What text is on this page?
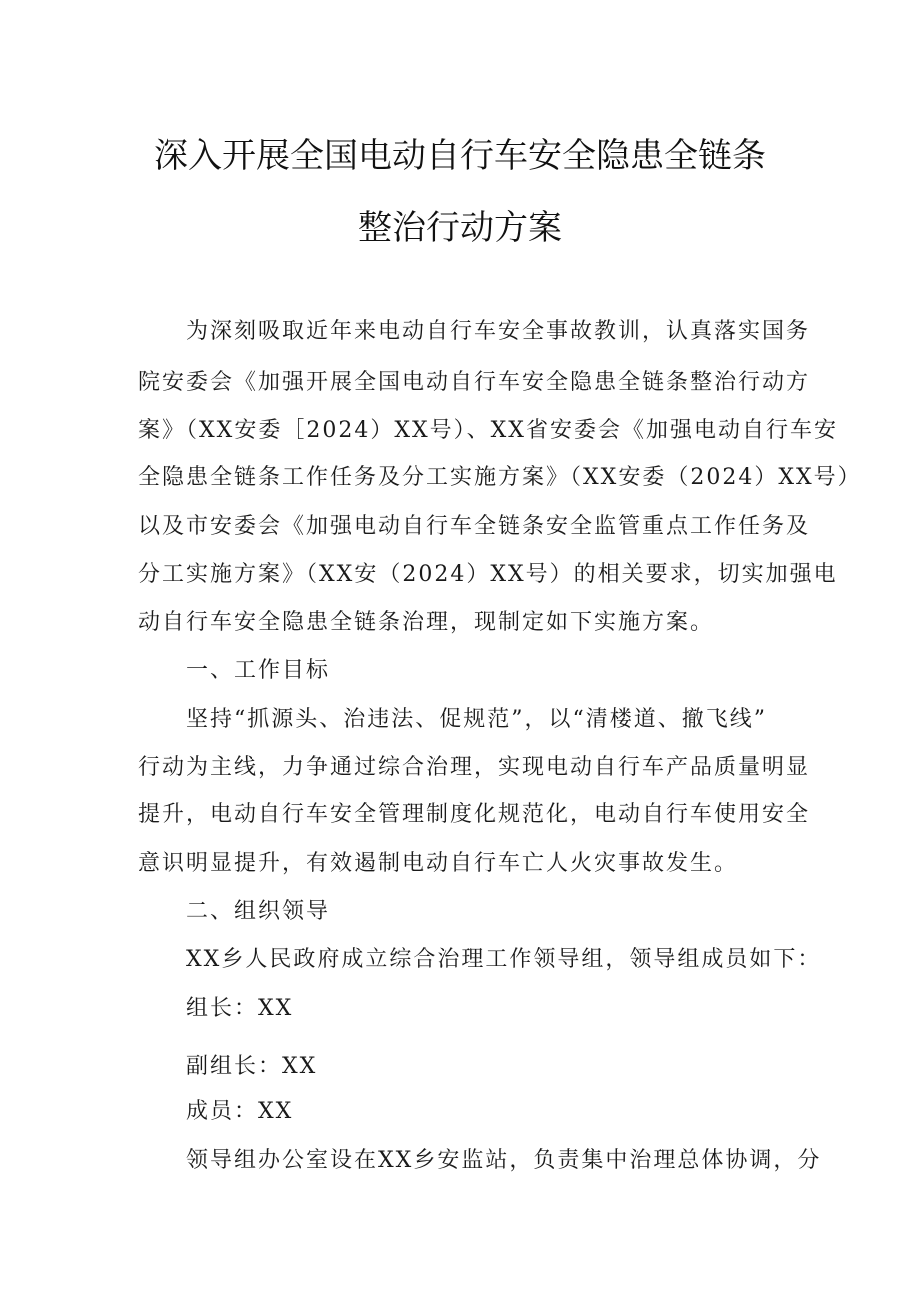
深入开展全国电动自行车安全隐患全链条
整治行动方案
为深刻吸取近年来电动自行车安全事故教训，认真落实国务
院安委会《加强开展全国电动自行车安全隐患全链条整治行动方
案》（XX安委［2024）XX号）、XX省安委会《加强电动自行车安
全隐患全链条工作任务及分工实施方案》（XX安委（2024）XX号）
以及市安委会《加强电动自行车全链条安全监管重点工作任务及
分工实施方案》（XX安（2024）XX号）的相关要求，切实加强电
动自行车安全隐患全链条治理，现制定如下实施方案。
一、工作目标
坚持“抓源头、治违法、促规范”，以“清楼道、撤飞线”
行动为主线，力争通过综合治理，实现电动自行车产品质量明显
提升，电动自行车安全管理制度化规范化，电动自行车使用安全
意识明显提升，有效遏制电动自行车亡人火灾事故发生。
二、组织领导
XX乡人民政府成立综合治理工作领导组，领导组成员如下：
组长：XX
副组长：XX
成员：XX
领导组办公室设在XX乡安监站，负责集中治理总体协调，分
